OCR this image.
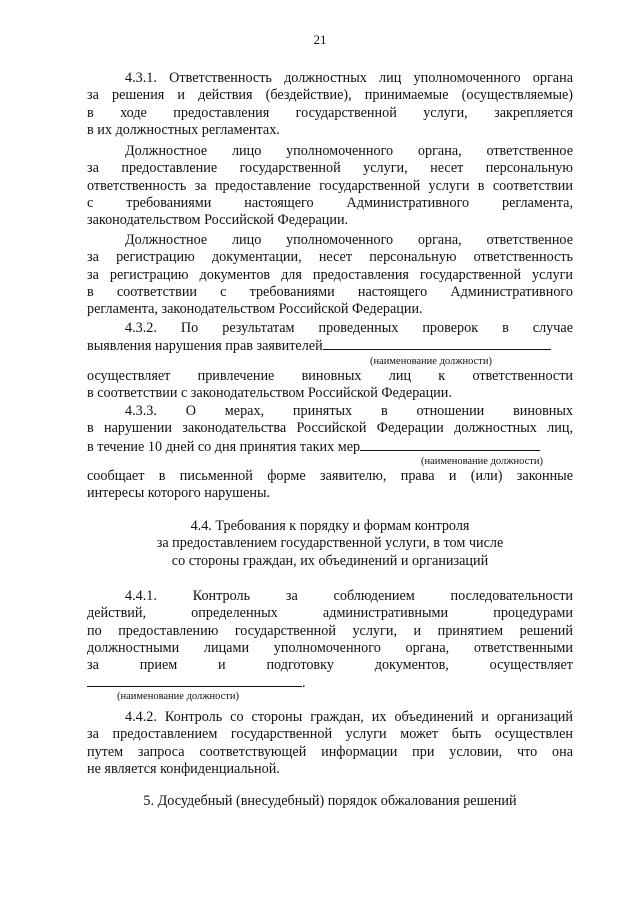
21
4.3.1. Ответственность должностных лиц уполномоченного органа
за решения и действия (бездействие), принимаемые (осуществляемые)
в ходе предоставления государственной услуги, закрепляется
в их должностных регламентах.
Должностное лицо уполномоченного органа, ответственное
за предоставление государственной услуги, несет персональную
ответственность за предоставление государственной услуги в соответствии
с требованиями настоящего Административного регламента,
законодательством Российской Федерации.
Должностное лицо уполномоченного органа, ответственное
за регистрацию документации, несет персональную ответственность
за регистрацию документов для предоставления государственной услуги
в соответствии с требованиями настоящего Административного
регламента, законодательством Российской Федерации.
4.3.2. По результатам проведенных проверок в случае
выявления нарушения прав заявителей
(наименование должности)
осуществляет привлечение виновных лиц к ответственности
в соответствии с законодательством Российской Федерации.
4.3.3. О мерах, принятых в отношении виновных
в нарушении законодательства Российской Федерации должностных лиц,
в течение 10 дней со дня принятия таких мер
(наименование должности)
сообщает в письменной форме заявителю, права и (или) законные
интересы которого нарушены.
4.4. Требования к порядку и формам контроля
за предоставлением государственной услуги, в том числе
со стороны граждан, их объединений и организаций
4.4.1. Контроль за соблюдением последовательности
действий, определенных административными процедурами
по предоставлению государственной услуги, и принятием решений
должностными лицами уполномоченного органа, ответственными
за прием и подготовку документов, осуществляет
.
(наименование должности)
4.4.2. Контроль со стороны граждан, их объединений и организаций
за предоставлением государственной услуги может быть осуществлен
путем запроса соответствующей информации при условии, что она
не является конфиденциальной.
5. Досудебный (внесудебный) порядок обжалования решений
